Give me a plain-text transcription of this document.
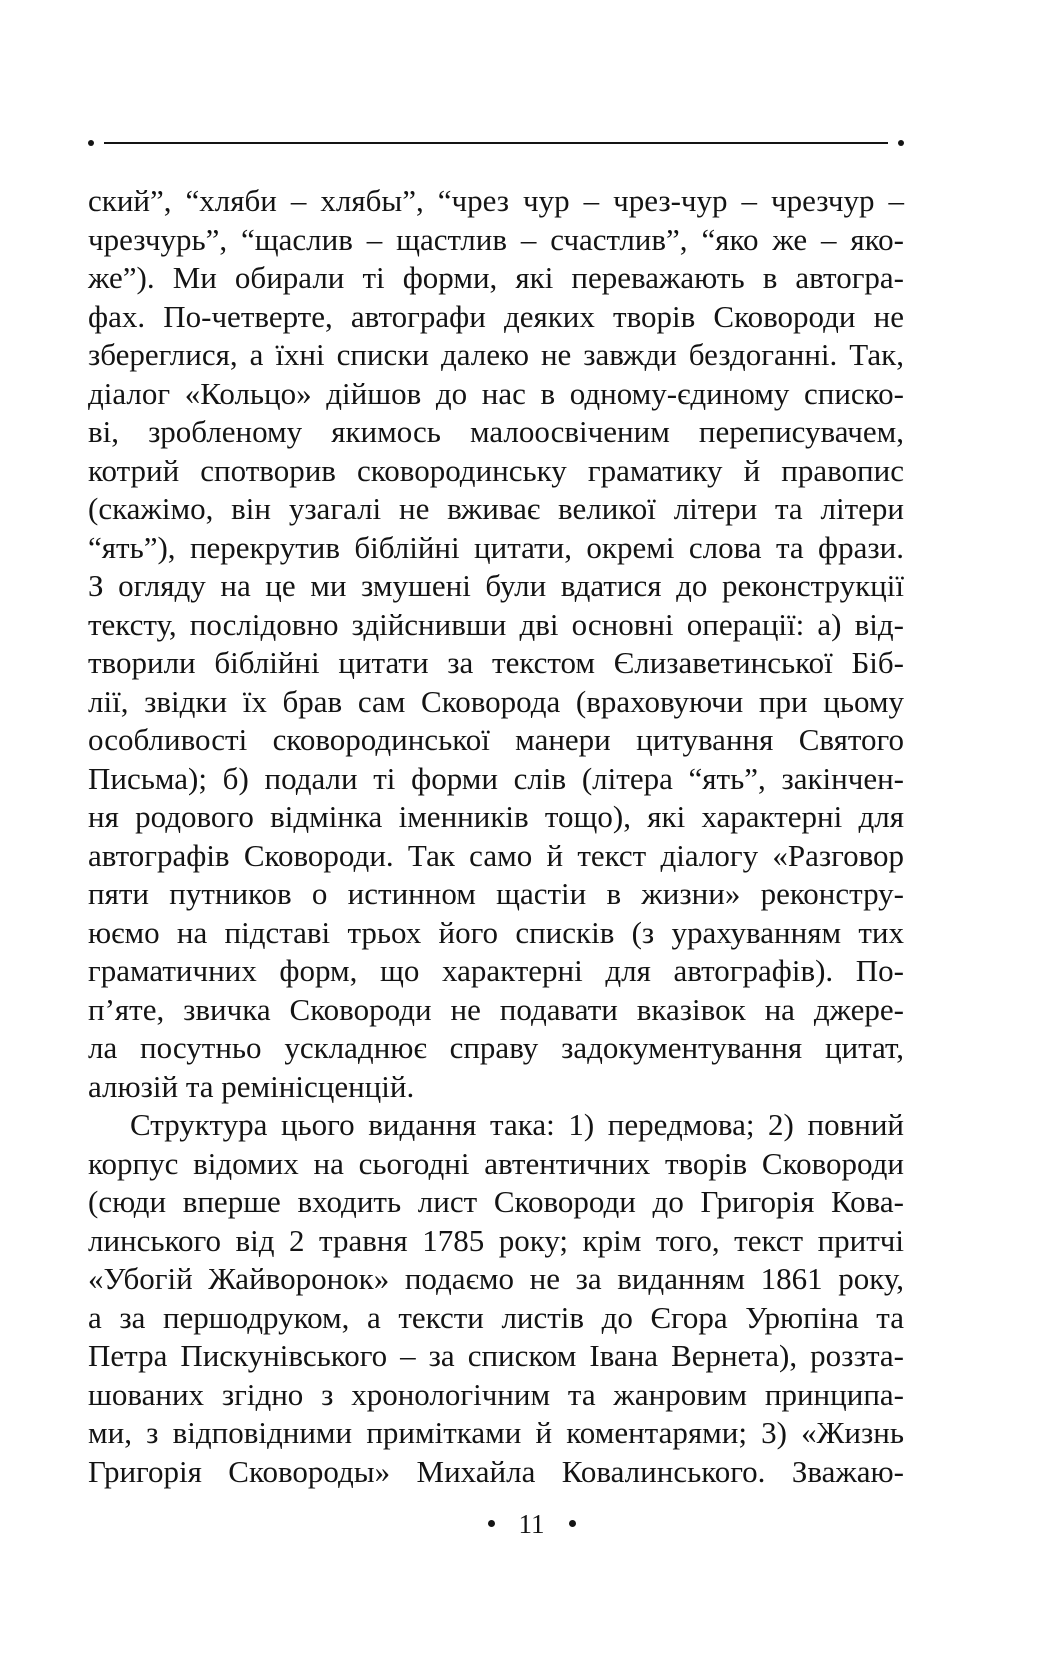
ский”, “хляби – хлябы”, “чрез чур – чрез-чур – чрезчур –
чрезчурь”, “щаслив – щастлив – счастлив”, “яко же – яко-
же”). Ми обирали ті форми, які переважають в автогра-
фах. По-четверте, автографи деяких творів Сковороди не
збереглися, а їхні списки далеко не завжди бездоганні. Так,
діалог «Кольцо» дійшов до нас в одному-єдиному списко-
ві, зробленому якимось малоосвіченим переписувачем,
котрий спотворив сковородинську граматику й правопис
(скажімо, він узагалі не вживає великої літери та літери
“ять”), перекрутив біблійні цитати, окремі слова та фрази.
З огляду на це ми змушені були вдатися до реконструкції
тексту, послідовно здійснивши дві основні операції: а) від-
творили біблійні цитати за текстом Єлизаветинської Біб-
лії, звідки їх брав сам Сковорода (враховуючи при цьому
особливості сковородинської манери цитування Святого
Письма); б) подали ті форми слів (літера “ять”, закінчен-
ня родового відмінка іменників тощо), які характерні для
автографів Сковороди. Так само й текст діалогу «Разговор
пяти путников о истинном щастіи в жизни» реконстру-
юємо на підставі трьох його списків (з урахуванням тих
граматичних форм, що характерні для автографів). По-
п’яте, звичка Сковороди не подавати вказівок на джере-
ла посутньо ускладнює справу задокументування цитат,
алюзій та ремінісценцій.
Структура цього видання така: 1) передмова; 2) повний
корпус відомих на сьогодні автентичних творів Сковороди
(сюди вперше входить лист Сковороди до Григорія Кова-
линського від 2 травня 1785 року; крім того, текст притчі
«Убогій Жайворонок» подаємо не за виданням 1861 року,
а за першодруком, а тексти листів до Єгора Урюпіна та
Петра Пискунівського – за списком Івана Вернета), роззта-
шованих згідно з хронологічним та жанровим принципа-
ми, з відповідними примітками й коментарями; 3) «Жизнь
Григорія Сковороды» Михайла Ковалинського. Зважаю-
11
